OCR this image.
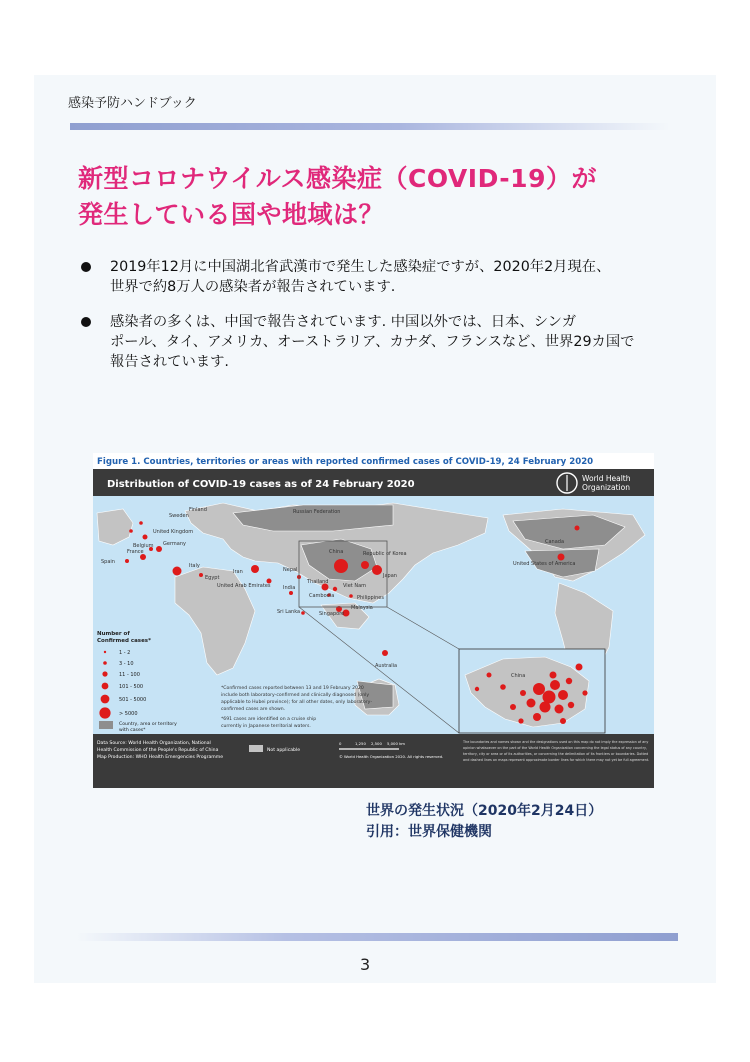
感染予防ハンドブック
新型コロナウイルス感染症（COVID-19）が
発生している国や地域は？
2019年12月に中国湖北省武漢市で発生した感染症ですが、2020年2月現在、
世界で約8万人の感染者が報告されています.
感染者の多くは、中国で報告されています. 中国以外では、日本、シンガ
ポール、タイ、アメリカ、オーストラリア、カナダ、フランスなど、世界29カ国で
報告されています.
Figure 1. Countries, territories or areas with reported confirmed cases of COVID-19, 24 February 2020
Distribution of COVID-19 cases as of 24 February 2020
World Health
Organization
Finland
Sweden
Russian Federation
Canada
United States of America
United Kingdom
Germany
France
Spain
Italy
Belgium
Egypt
Iran
United Arab Emirates
Nepal
India
Sri Lanka
China	Republic of Korea
Japan
Thailand
Viet Nam
Cambodia	Philippines
Malaysia
Singapore
Australia
China
Number of
Confirmed cases*
1 - 2
3 - 10
11 - 100
101 - 500
501 - 5000
> 5000
Country, area or territory
with cases*
*Confirmed cases reported between 13 and 19 February 2020
include both laboratory-confirmed and clinically diagnosed (only
applicable to Hubei province); for all other dates, only laboratory-
confirmed cases are shown.
*691 cases are identified on a cruise ship
currently in Japanese territorial waters.
Data Source: World Health Organization, National
Health Commission of the People's Republic of China
Map Production: WHO Health Emergencies Programme
Not applicable
0	1,250 2,500 5,000 km
© World Health Organization 2020. All rights reserved.
The boundaries and names shown and the designations used on this map do not imply the expression of any
opinion whatsoever on the part of the World Health Organization concerning the legal status of any country,
territory, city or area or of its authorities, or concerning the delimitation of its frontiers or boundaries. Dotted
and dashed lines on maps represent approximate border lines for which there may not yet be full agreement.
世界の発生状況（2020年2月24日）
引用：世界保健機関
3
